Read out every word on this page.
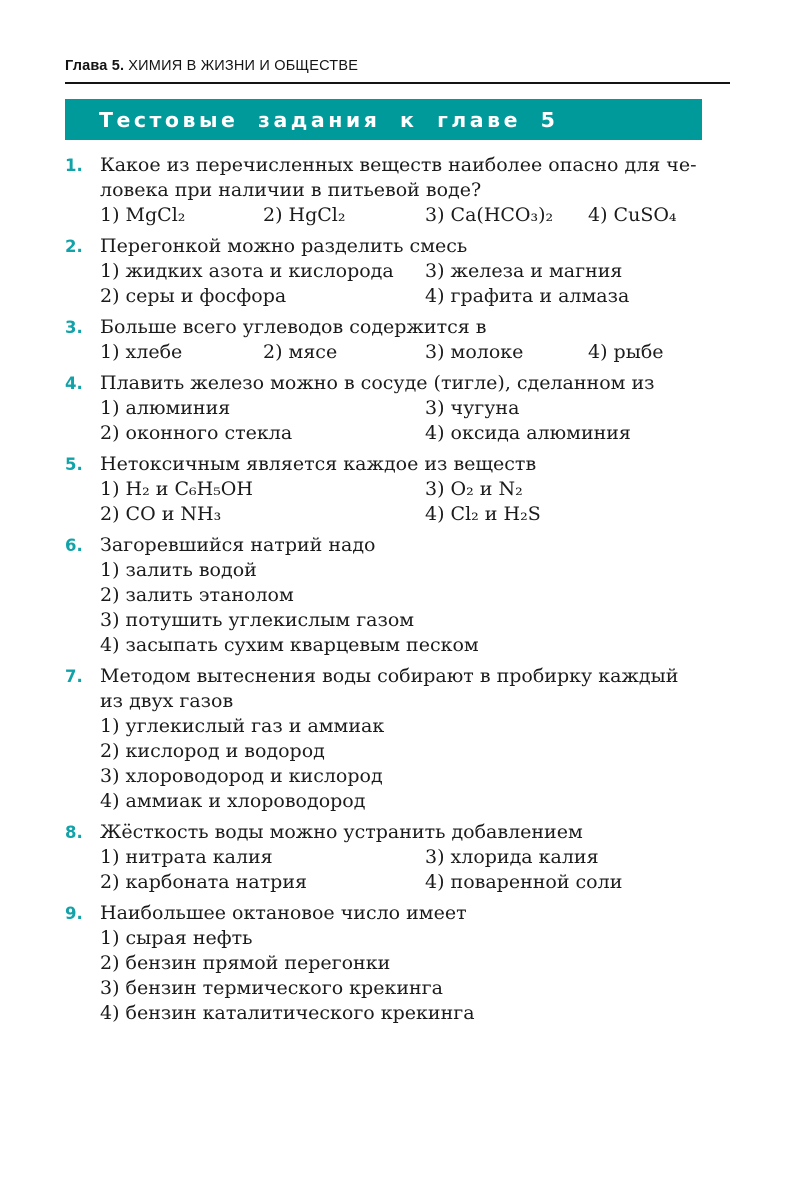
Глава 5. ХИМИЯ В ЖИЗНИ И ОБЩЕСТВЕ
Тестовые задания к главе 5
1. Какое из перечисленных веществ наиболее опасно для че-
ловека при наличии в питьевой воде?
1) MgCl₂	2) HgCl₂	3) Ca(HCO₃)₂	4) CuSO₄
2. Перегонкой можно разделить смесь
1) жидких азота и кислорода
2) серы и фосфора
3) железа и магния
4) графита и алмаза
3. Больше всего углеводов содержится в
1) хлебе	2) мясе	3) молоке	4) рыбе
4. Плавить железо можно в сосуде (тигле), сделанном из
1) алюминия
2) оконного стекла
3) чугуна
4) оксида алюминия
5. Нетоксичным является каждое из веществ
1) H₂ и C₆H₅OH
2) CO и NH₃
3) O₂ и N₂
4) Cl₂ и H₂S
6. Загоревшийся натрий надо
1) залить водой
2) залить этанолом
3) потушить углекислым газом
4) засыпать сухим кварцевым песком
7. Методом вытеснения воды собирают в пробирку каждый
из двух газов
1) углекислый газ и аммиак
2) кислород и водород
3) хлороводород и кислород
4) аммиак и хлороводород
8. Жёсткость воды можно устранить добавлением
1) нитрата калия
2) карбоната натрия
3) хлорида калия
4) поваренной соли
9. Наибольшее октановое число имеет
1) сырая нефть
2) бензин прямой перегонки
3) бензин термического крекинга
4) бензин каталитического крекинга
